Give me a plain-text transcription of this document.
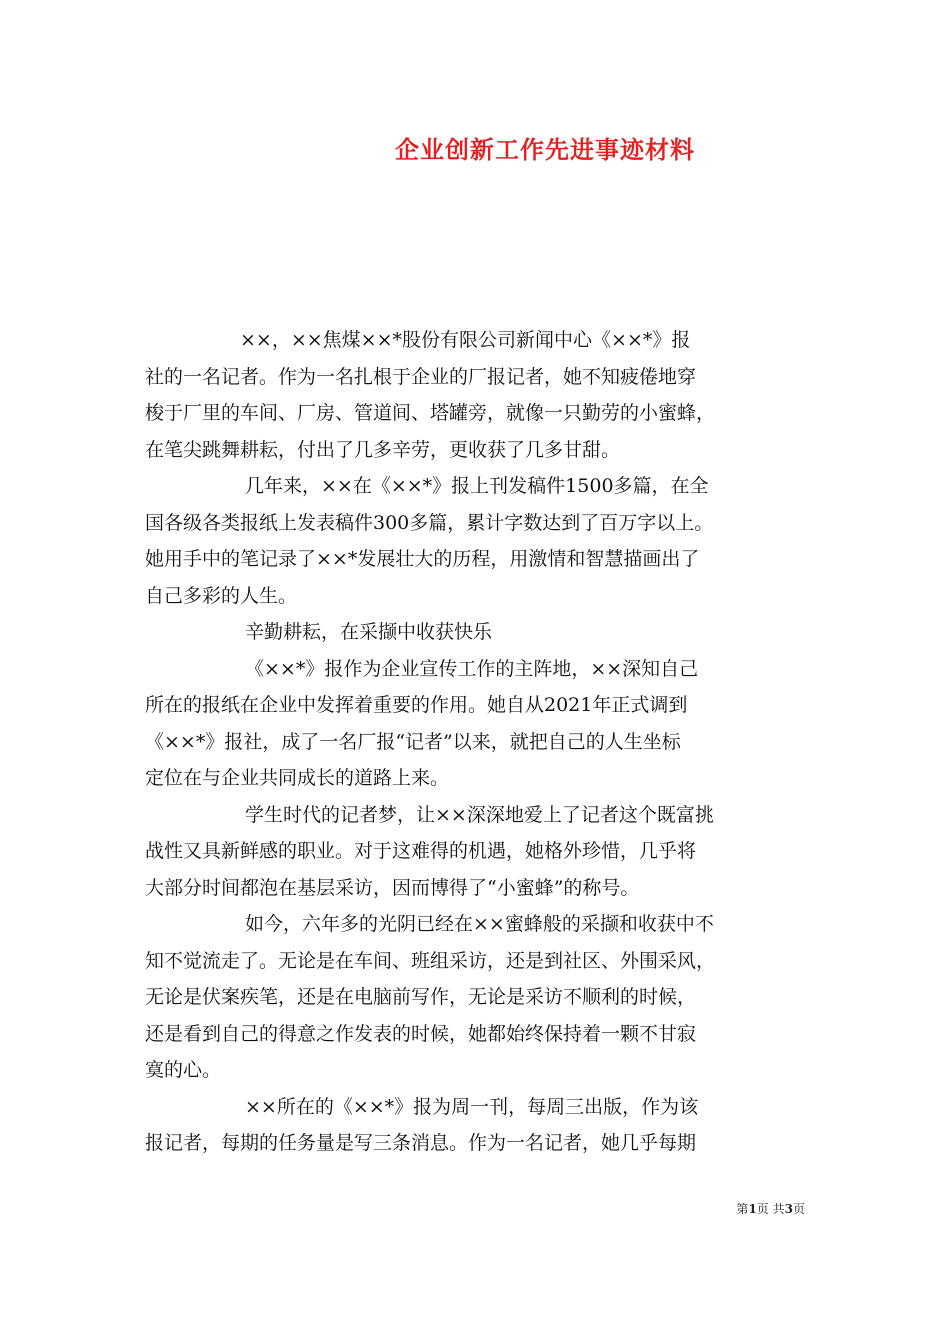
企业创新工作先进事迹材料
××，××焦煤××*股份有限公司新闻中心《××*》报
社的一名记者。作为一名扎根于企业的厂报记者，她不知疲倦地穿
梭于厂里的车间、厂房、管道间、塔罐旁，就像一只勤劳的小蜜蜂，
在笔尖跳舞耕耘，付出了几多辛劳，更收获了几多甘甜。
几年来，××在《××*》报上刊发稿件1500多篇，在全
国各级各类报纸上发表稿件300多篇，累计字数达到了百万字以上。
她用手中的笔记录了××*发展壮大的历程，用激情和智慧描画出了
自己多彩的人生。
辛勤耕耘，在采撷中收获快乐
《××*》报作为企业宣传工作的主阵地，××深知自己
所在的报纸在企业中发挥着重要的作用。她自从2021年正式调到
《××*》报社，成了一名厂报“记者”以来，就把自己的人生坐标
定位在与企业共同成长的道路上来。
学生时代的记者梦，让××深深地爱上了记者这个既富挑
战性又具新鲜感的职业。对于这难得的机遇，她格外珍惜，几乎将
大部分时间都泡在基层采访，因而博得了“小蜜蜂”的称号。
如今，六年多的光阴已经在××蜜蜂般的采撷和收获中不
知不觉流走了。无论是在车间、班组采访，还是到社区、外围采风，
无论是伏案疾笔，还是在电脑前写作，无论是采访不顺利的时候，
还是看到自己的得意之作发表的时候，她都始终保持着一颗不甘寂
寞的心。
××所在的《××*》报为周一刊，每周三出版，作为该
报记者，每期的任务量是写三条消息。作为一名记者，她几乎每期
第1页 共3页
